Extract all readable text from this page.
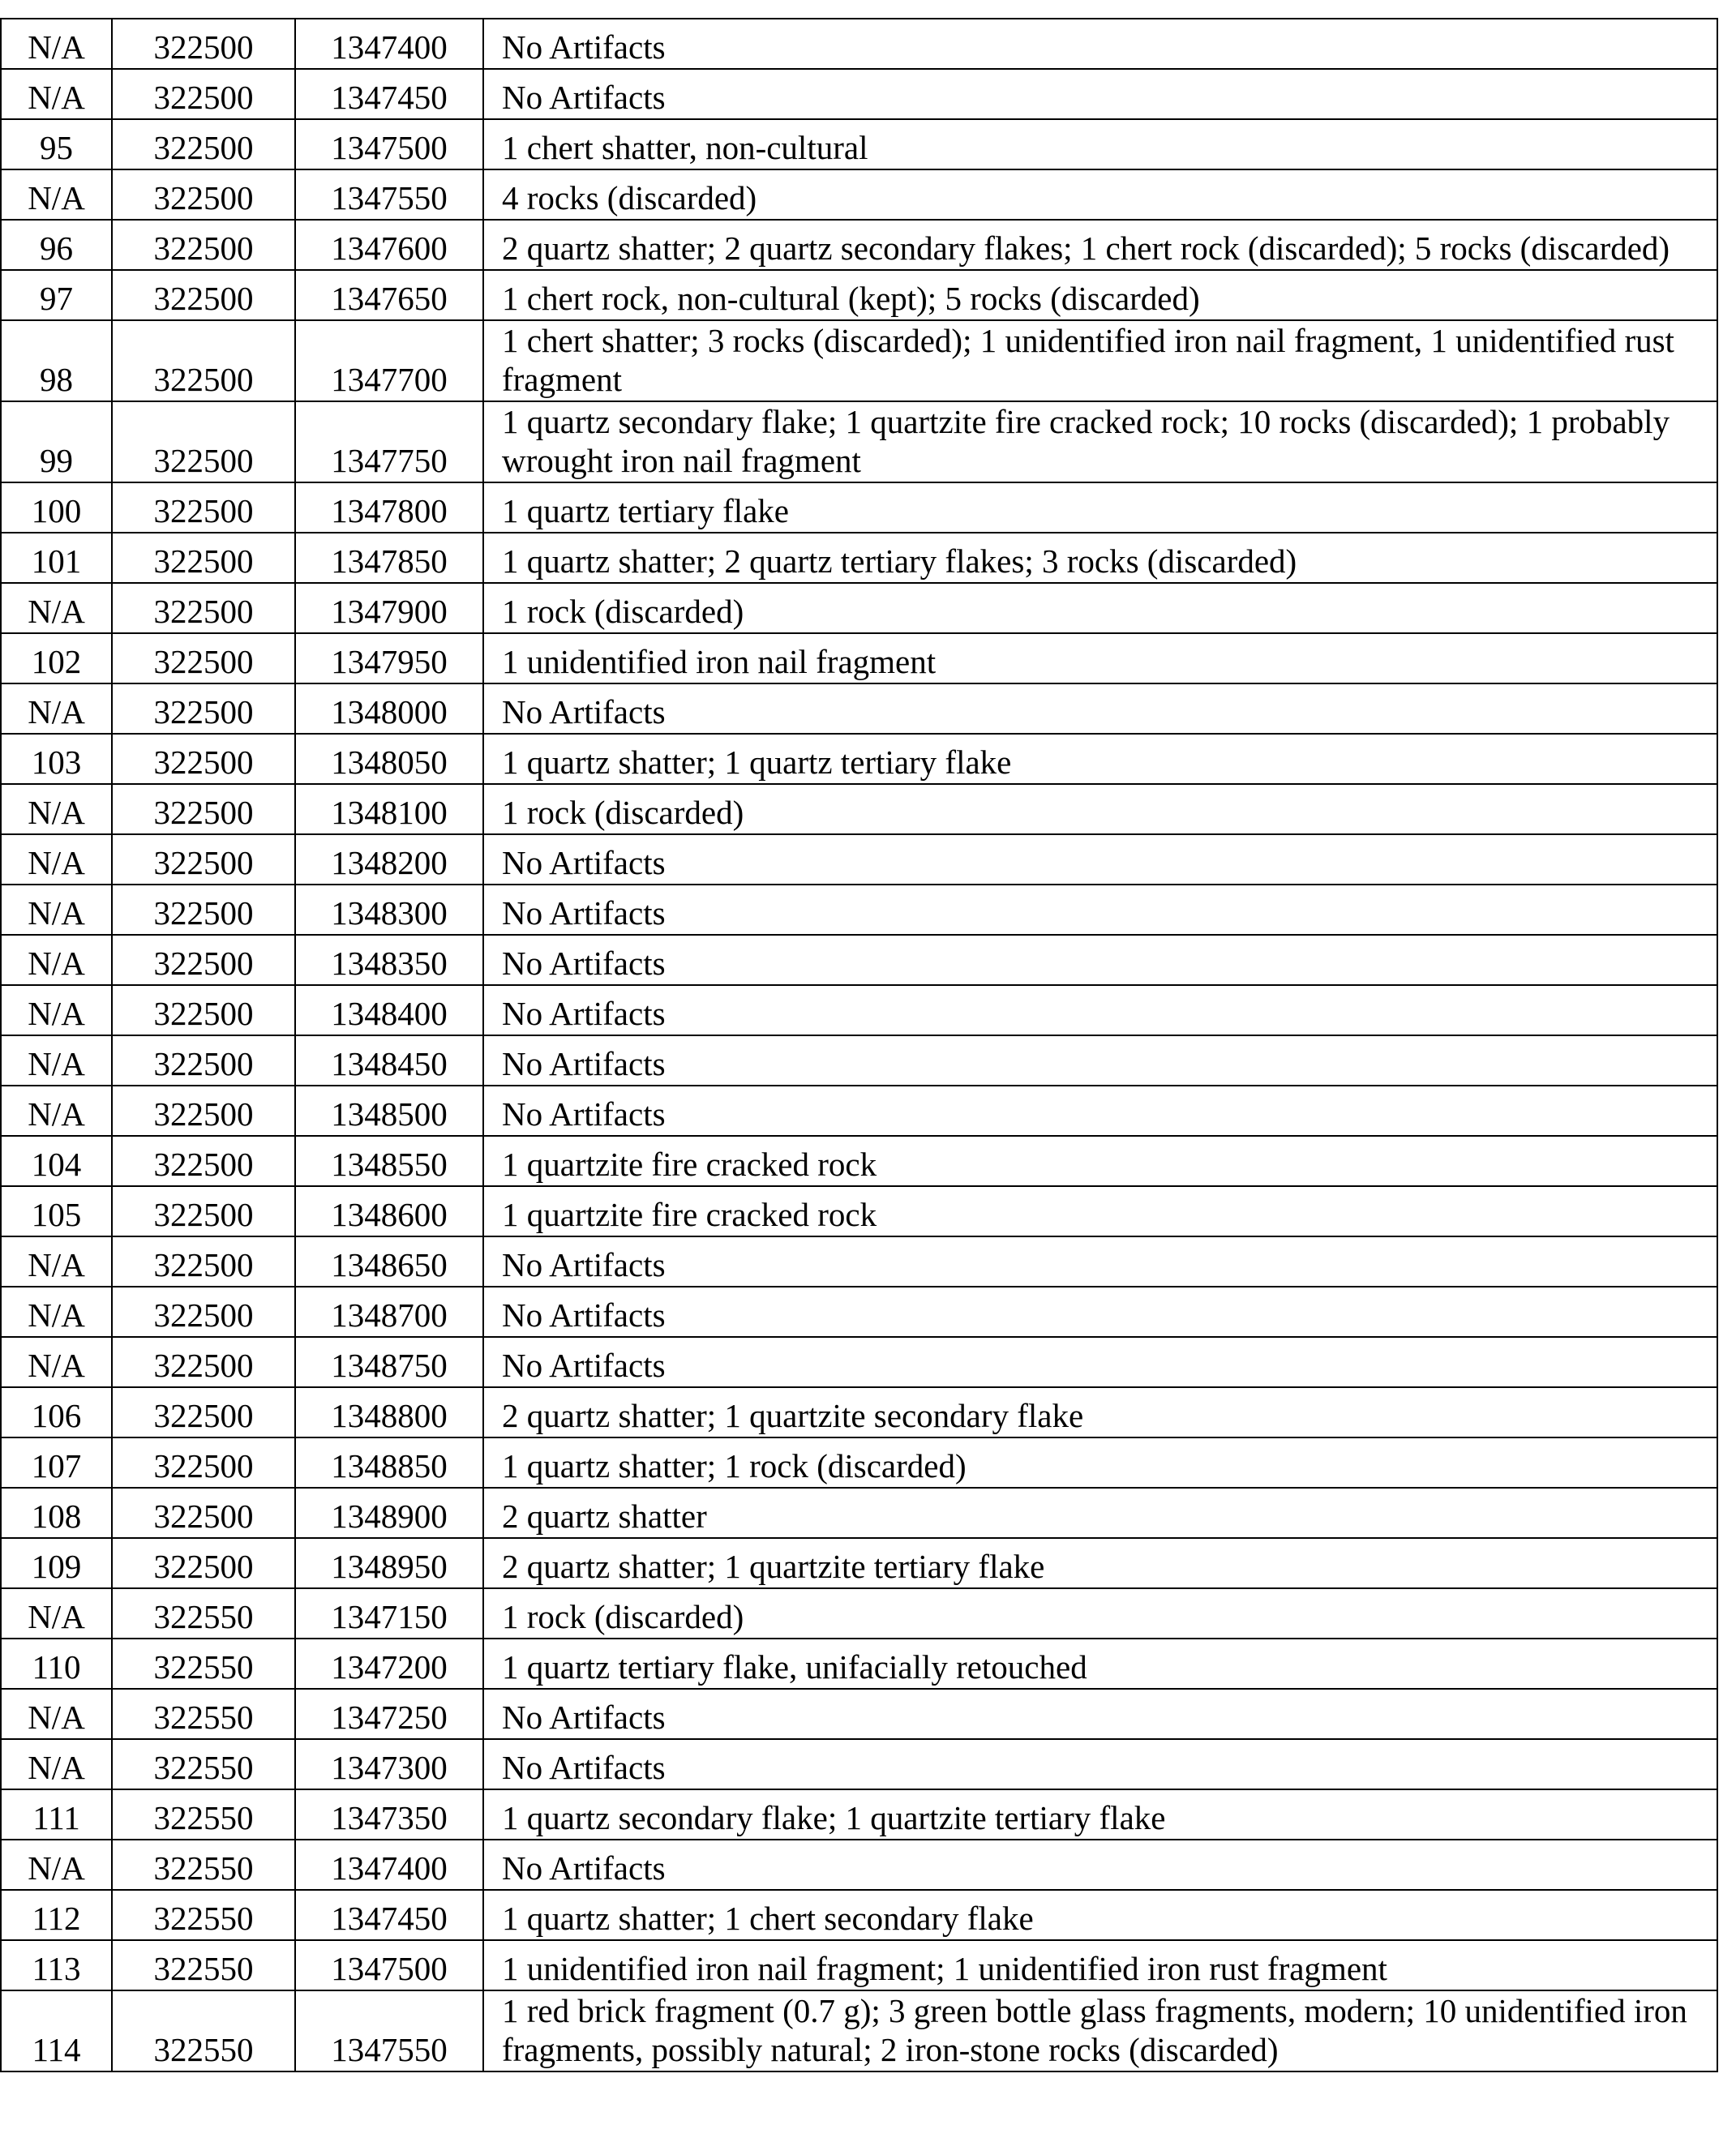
N/A	322500	1347400	No Artifacts
N/A	322500	1347450	No Artifacts
95	322500	1347500	1 chert shatter, non-cultural
N/A	322500	1347550	4 rocks (discarded)
96	322500	1347600	2 quartz shatter; 2 quartz secondary flakes; 1 chert rock (discarded); 5 rocks (discarded)
97	322500	1347650	1 chert rock, non-cultural (kept); 5 rocks (discarded)
98	322500	1347700	1 chert shatter; 3 rocks (discarded); 1 unidentified iron nail fragment, 1 unidentified rust fragment
99	322500	1347750	1 quartz secondary flake; 1 quartzite fire cracked rock; 10 rocks (discarded); 1 probably wrought iron nail fragment
100	322500	1347800	1 quartz tertiary flake
101	322500	1347850	1 quartz shatter; 2 quartz tertiary flakes; 3 rocks (discarded)
N/A	322500	1347900	1 rock (discarded)
102	322500	1347950	1 unidentified iron nail fragment
N/A	322500	1348000	No Artifacts
103	322500	1348050	1 quartz shatter; 1 quartz tertiary flake
N/A	322500	1348100	1 rock (discarded)
N/A	322500	1348200	No Artifacts
N/A	322500	1348300	No Artifacts
N/A	322500	1348350	No Artifacts
N/A	322500	1348400	No Artifacts
N/A	322500	1348450	No Artifacts
N/A	322500	1348500	No Artifacts
104	322500	1348550	1 quartzite fire cracked rock
105	322500	1348600	1 quartzite fire cracked rock
N/A	322500	1348650	No Artifacts
N/A	322500	1348700	No Artifacts
N/A	322500	1348750	No Artifacts
106	322500	1348800	2 quartz shatter; 1 quartzite secondary flake
107	322500	1348850	1 quartz shatter; 1 rock (discarded)
108	322500	1348900	2 quartz shatter
109	322500	1348950	2 quartz shatter; 1 quartzite tertiary flake
N/A	322550	1347150	1 rock (discarded)
110	322550	1347200	1 quartz tertiary flake, unifacially retouched
N/A	322550	1347250	No Artifacts
N/A	322550	1347300	No Artifacts
111	322550	1347350	1 quartz secondary flake; 1 quartzite tertiary flake
N/A	322550	1347400	No Artifacts
112	322550	1347450	1 quartz shatter; 1 chert secondary flake
113	322550	1347500	1 unidentified iron nail fragment; 1 unidentified iron rust fragment
114	322550	1347550	1 red brick fragment (0.7 g); 3 green bottle glass fragments, modern; 10 unidentified iron fragments, possibly natural; 2 iron-stone rocks (discarded)
